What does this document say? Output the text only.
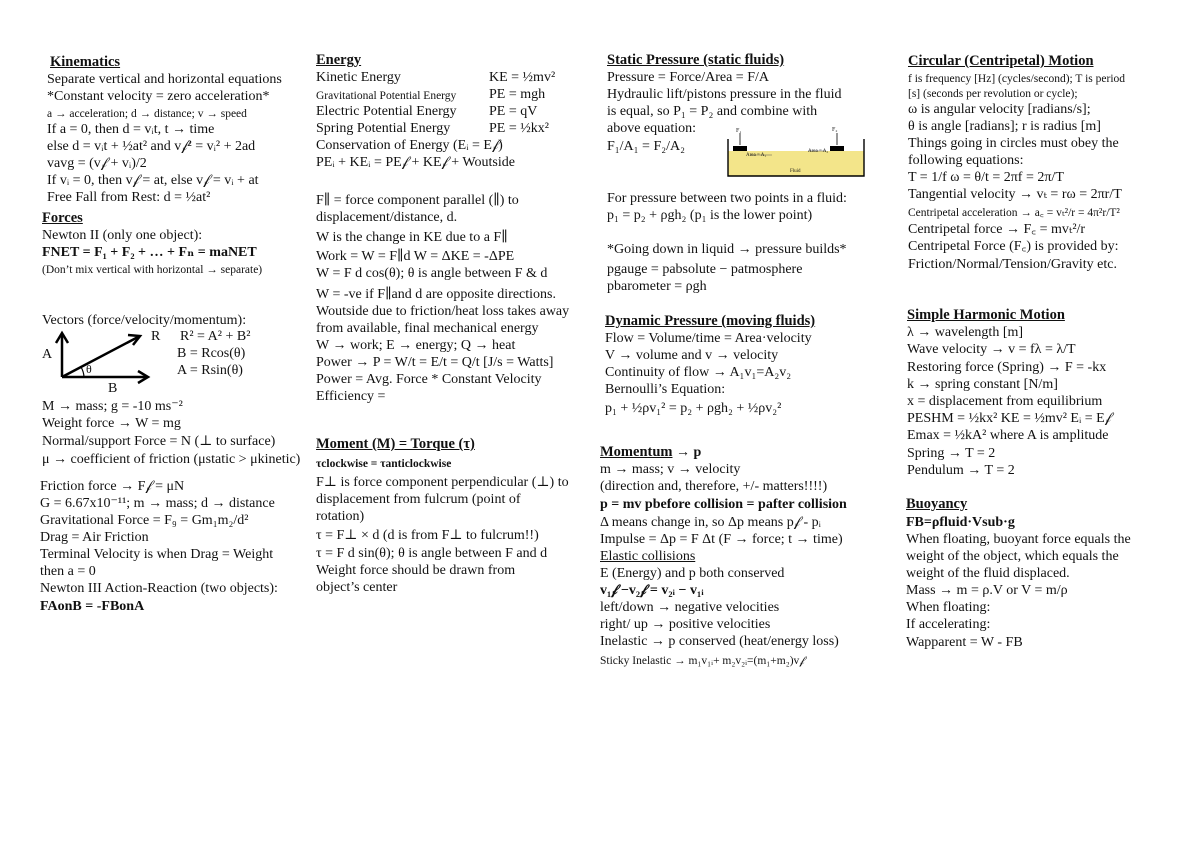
Kinematics
Separate vertical and horizontal equations
*Constant velocity = zero acceleration*
a → acceleration; d → distance; v → speed
If a = 0, then d = vᵢt, t → time
else d = vᵢt + ½at² and v𝒻² = vᵢ² + 2ad
vavg = (v𝒻 + vᵢ)/2
If vᵢ = 0, then v𝒻 = at, else v𝒻 = vᵢ + at
Free Fall from Rest: d = ½at²
Forces
Newton II (only one object):
FNET = F₁ + F₂ + … + Fₙ = maNET
(Don’t mix vertical with horizontal → separate)
Vectors (force/velocity/momentum):
A
B
R
θ
R² = A² + B²
B = Rcos(θ)
A = Rsin(θ)
M → mass; g = -10 ms⁻²
Weight force → W = mg
Normal/support Force = N (⊥ to surface)
μ → coefficient of friction (μstatic > μkinetic)
Friction force → F𝒻 = μN
G = 6.67x10⁻¹¹; m → mass; d → distance
Gravitational Force = F₉ = Gm₁m₂/d²
Drag = Air Friction
Terminal Velocity is when Drag = Weight
then a = 0
Newton III Action-Reaction (two objects):
FAonB = -FBonA
Energy
Kinetic Energy	KE = ½mv²
Gravitational Potential Energy PE = mgh
Electric Potential Energy PE = qV
Spring Potential Energy	PE = ½kx²
Conservation of Energy (Eᵢ = E𝒻)
PEᵢ + KEᵢ = PE𝒻 + KE𝒻 + Woutside
F∥ = force component parallel (∥) to
displacement/distance, d.
W is the change in KE due to a F∥
Work = W = F∥d W = ΔKE = -ΔPE
W = F d cos(θ); θ is angle between F & d
W = -ve if F∥and d are opposite directions.
Woutside due to friction/heat loss takes away
from available, final mechanical energy
W → work; E → energy; Q → heat
Power → P = W/t = E/t = Q/t [J/s = Watts]
Power = Avg. Force * Constant Velocity
Efficiency =
Moment (M) = Torque (τ)
τclockwise = τanticlockwise
F⊥ is force component perpendicular (⊥) to
displacement from fulcrum (point of
rotation)
τ = F⊥ × d (d is from F⊥ to fulcrum!!)
τ = F d sin(θ); θ is angle between F and d
Weight force should be drawn from
object’s center
Static Pressure (static fluids)
Pressure = Force/Area = F/A
Hydraulic lift/pistons pressure in the fluid
is equal, so P₁ = P₂ and combine with
above equation:
F₁/A₁ = F₂/A₂
F₁	F₂
Area = A₁
Area = A₂
Fluid
For pressure between two points in a fluid:
p₁ = p₂ + ρgh₂ (p₁ is the lower point)
*Going down in liquid → pressure builds*
pgauge = pabsolute − patmosphere
pbarometer = ρgh
Dynamic Pressure (moving fluids)
Flow = Volume/time = Area·velocity
V → volume and v → velocity
Continuity of flow → A₁v₁=A₂v₂
Bernoulli’s Equation:
p₁ + ½ρv₁² = p₂ + ρgh₂ + ½ρv₂²
Momentum → p
m → mass; v → velocity
(direction and, therefore, +/- matters!!!!)
p = mv pbefore collision = pafter collision
Δ means change in, so Δp means p𝒻 - pᵢ
Impulse = Δp = F Δt (F → force; t → time)
Elastic collisions
E (Energy) and p both conserved
v₁𝒻 −v₂𝒻 = v₂ᵢ − v₁ᵢ
left/down → negative velocities
right/ up → positive velocities
Inelastic → p conserved (heat/energy loss)
Sticky Inelastic → m₁v₁ᵢ+ m₂v₂ᵢ=(m₁+m₂)v𝒻
Circular (Centripetal) Motion
f is frequency [Hz] (cycles/second); T is period
[s] (seconds per revolution or cycle);
ω is angular velocity [radians/s];
θ is angle [radians]; r is radius [m]
Things going in circles must obey the
following equations:
T = 1/f ω = θ/t = 2πf = 2π/T
Tangential velocity → vₜ = rω = 2πr/T
Centripetal acceleration → a꜀ = vₜ²/r = 4π²r/T²
Centripetal force → F꜀ = mvₜ²/r
Centripetal Force (F꜀) is provided by:
Friction/Normal/Tension/Gravity etc.
Simple Harmonic Motion
λ → wavelength [m]
Wave velocity → v = fλ = λ/T
Restoring force (Spring) → F = -kx
k → spring constant [N/m]
x = displacement from equilibrium
PESHM = ½kx² KE = ½mv² Eᵢ = E𝒻
Emax = ½kA² where A is amplitude
Spring → T = 2
Pendulum → T = 2
Buoyancy
FB=ρfluid·Vsub·g
When floating, buoyant force equals the
weight of the object, which equals the
weight of the fluid displaced.
Mass → m = ρ.V or V = m/ρ
When floating:
If accelerating:
Wapparent = W - FB
